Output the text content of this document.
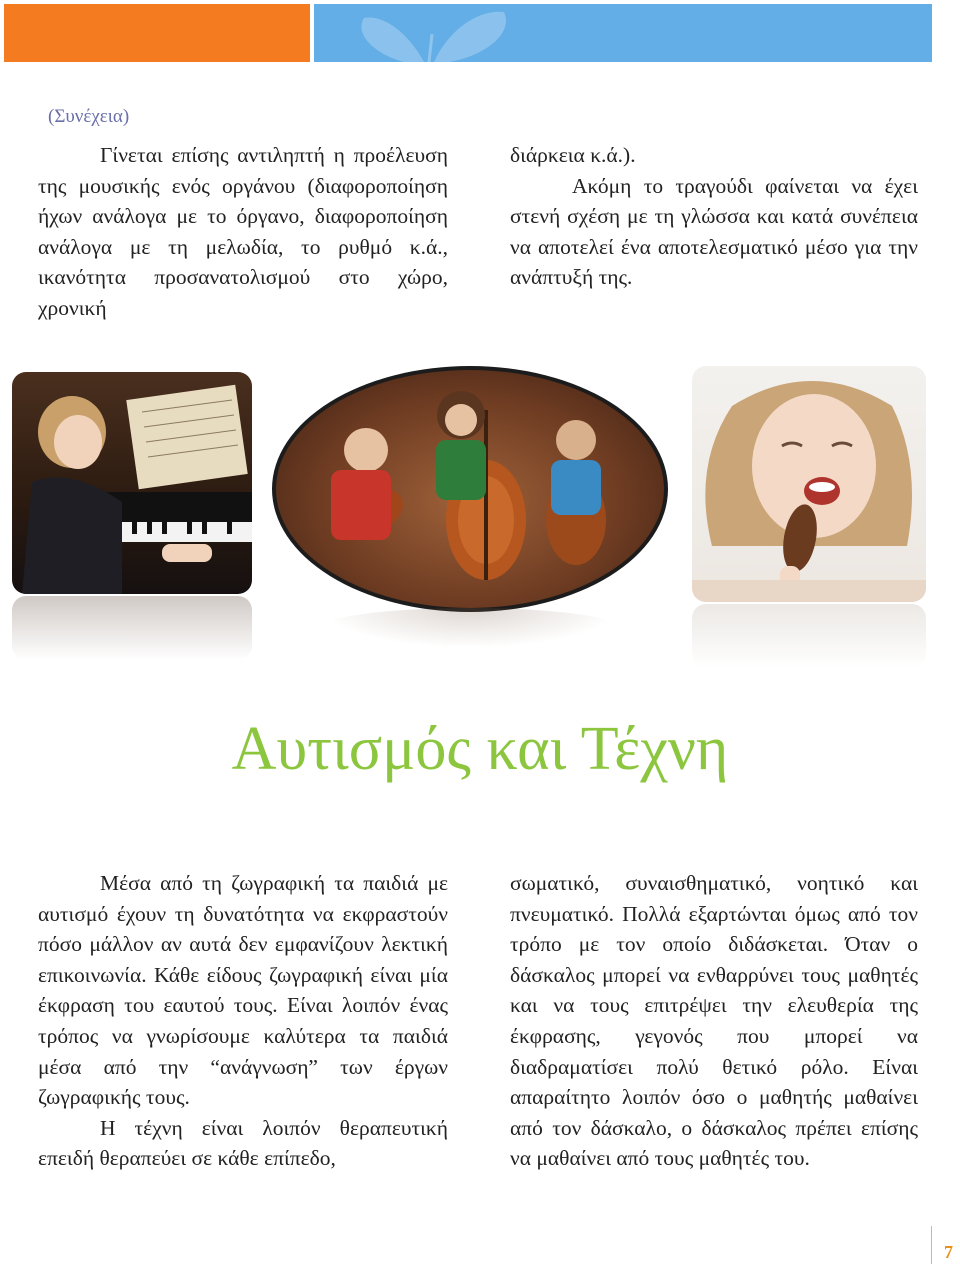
(Συνέχεια)

Γίνεται επίσης αντιληπτή η προέλευση της μουσικής ενός οργάνου (διαφοροποίηση ήχων ανάλογα με το όργανο, διαφοροποίηση ανάλογα με τη μελωδία, το ρυθμό κ.ά., ικανότητα προσανατολισμού στο χώρο, χρονική

διάρκεια κ.ά.).

Ακόμη το τραγούδι φαίνεται να έχει στενή σχέση με τη γλώσσα και κατά συνέπεια να αποτελεί ένα αποτελεσματικό μέσο για την ανάπτυξή της.

Αυτισμός και Τέχνη

Μέσα από τη ζωγραφική τα παιδιά με αυτισμό έχουν τη δυνατότητα να εκφραστούν πόσο μάλλον αν αυτά δεν εμφανίζουν λεκτική επικοινωνία. Κάθε είδους ζωγραφική είναι μία έκφραση του εαυτού τους. Είναι λοιπόν ένας τρόπος να γνωρίσουμε καλύτερα τα παιδιά μέσα από την “ανάγνωση” των έργων ζωγραφικής τους.

Η τέχνη είναι λοιπόν θεραπευτική επειδή θεραπεύει σε κάθε επίπεδο,

σωματικό, συναισθηματικό, νοητικό και πνευματικό. Πολλά εξαρτώνται όμως από τον τρόπο με τον οποίο διδάσκεται. Όταν ο δάσκαλος μπορεί να ενθαρρύνει τους μαθητές και να τους επιτρέψει την ελευθερία της έκφρασης, γεγονός που μπορεί να διαδραματίσει πολύ θετικό ρόλο. Είναι απαραίτητο λοιπόν όσο ο μαθητής μαθαίνει από τον δάσκαλο, ο δάσκαλος πρέπει επίσης να μαθαίνει από τους μαθητές του.

7
